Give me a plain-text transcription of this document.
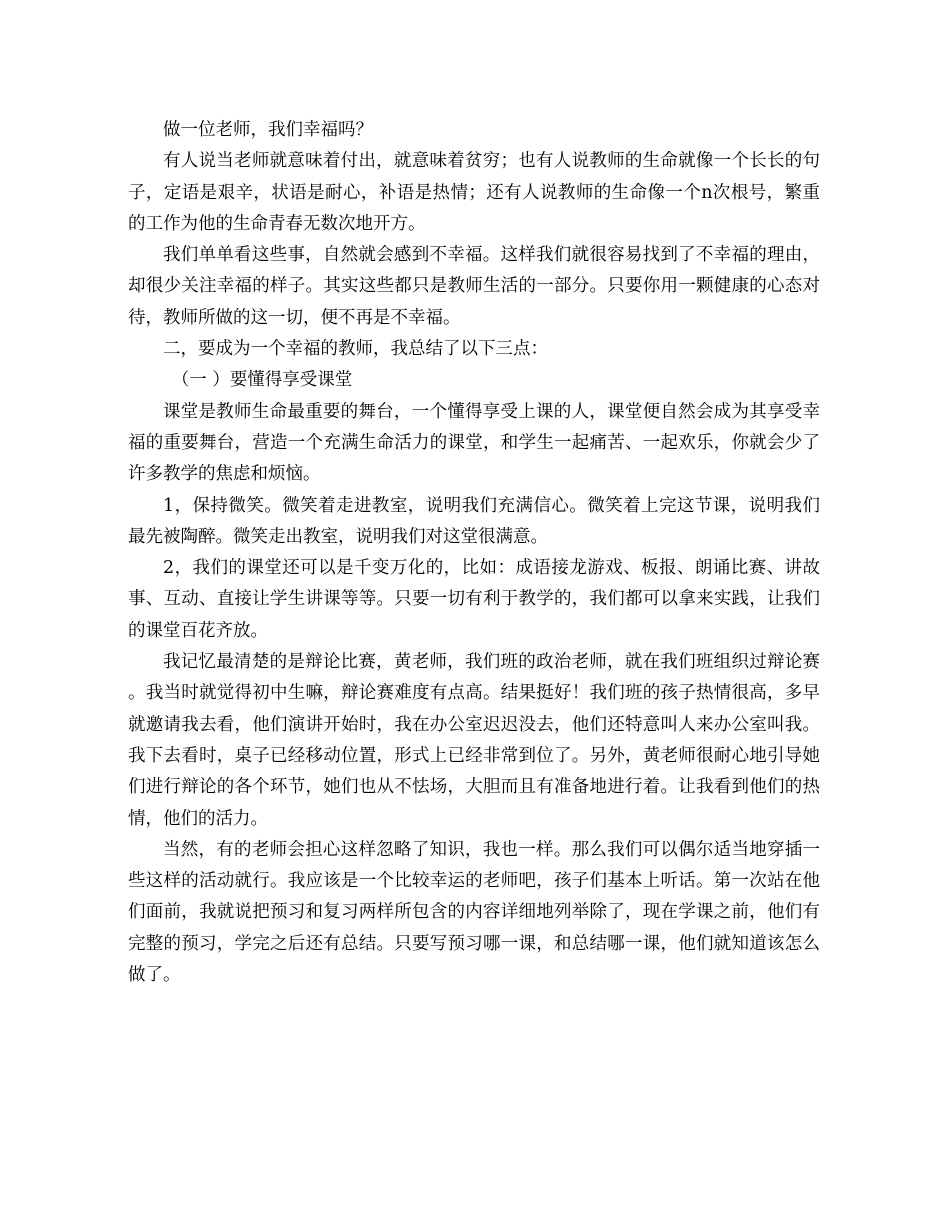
做一位老师，我们幸福吗？

有人说当老师就意味着付出，就意味着贫穷；也有人说教师的生命就像一个长长的句子，定语是艰辛，状语是耐心，补语是热情；还有人说教师的生命像一个n次根号，繁重的工作为他的生命青春无数次地开方。

我们单单看这些事，自然就会感到不幸福。这样我们就很容易找到了不幸福的理由，却很少关注幸福的样子。其实这些都只是教师生活的一部分。只要你用一颗健康的心态对待，教师所做的这一切，便不再是不幸福。

二，要成为一个幸福的教师，我总结了以下三点：

（一 ）要懂得享受课堂

课堂是教师生命最重要的舞台，一个懂得享受上课的人，课堂便自然会成为其享受幸福的重要舞台，营造一个充满生命活力的课堂，和学生一起痛苦、一起欢乐，你就会少了许多教学的焦虑和烦恼。

1，保持微笑。微笑着走进教室，说明我们充满信心。微笑着上完这节课，说明我们最先被陶醉。微笑走出教室，说明我们对这堂很满意。

2，我们的课堂还可以是千变万化的，比如：成语接龙游戏、板报、朗诵比赛、讲故事、互动、直接让学生讲课等等。只要一切有利于教学的，我们都可以拿来实践，让我们的课堂百花齐放。

我记忆最清楚的是辩论比赛，黄老师，我们班的政治老师，就在我们班组织过辩论赛。我当时就觉得初中生嘛，辩论赛难度有点高。结果挺好！我们班的孩子热情很高，多早就邀请我去看，他们演讲开始时，我在办公室迟迟没去，他们还特意叫人来办公室叫我。我下去看时，桌子已经移动位置，形式上已经非常到位了。另外，黄老师很耐心地引导她们进行辩论的各个环节，她们也从不怯场，大胆而且有准备地进行着。让我看到他们的热情，他们的活力。

当然，有的老师会担心这样忽略了知识，我也一样。那么我们可以偶尔适当地穿插一些这样的活动就行。我应该是一个比较幸运的老师吧，孩子们基本上听话。第一次站在他们面前，我就说把预习和复习两样所包含的内容详细地列举除了，现在学课之前，他们有完整的预习，学完之后还有总结。只要写预习哪一课，和总结哪一课，他们就知道该怎么做了。
